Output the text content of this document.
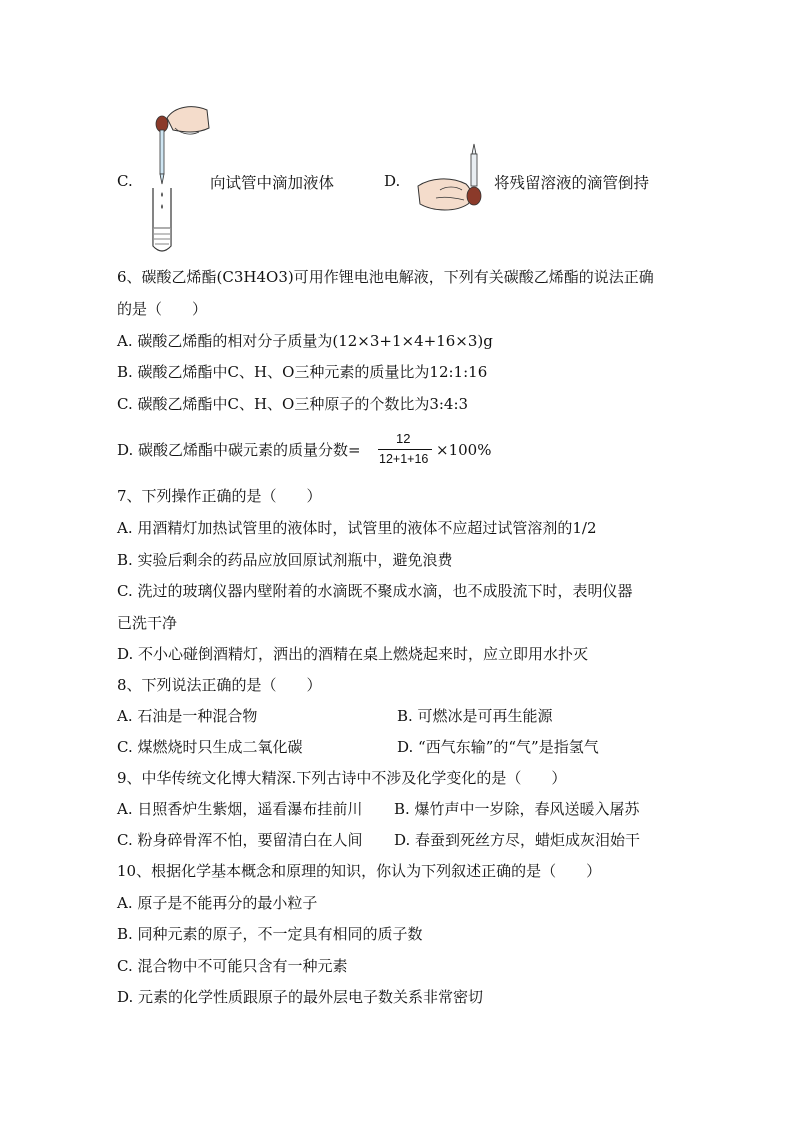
C.	向试管中滴加液体	D.	将残留溶液的滴管倒持
6、碳酸乙烯酯(C3H4O3)可用作锂电池电解液，下列有关碳酸乙烯酯的说法正确
的是（　　）
A. 碳酸乙烯酯的相对分子质量为(12×3+1×4+16×3)g
B. 碳酸乙烯酯中C、H、O三种元素的质量比为12:1:16
C. 碳酸乙烯酯中C、H、O三种原子的个数比为3:4:3
D. 碳酸乙烯酯中碳元素的质量分数=
12
12+1+16 ×100%
7、下列操作正确的是（　　）
A. 用酒精灯加热试管里的液体时，试管里的液体不应超过试管溶剂的1/2
B. 实验后剩余的药品应放回原试剂瓶中，避免浪费
C. 洗过的玻璃仪器内壁附着的水滴既不聚成水滴，也不成股流下时，表明仪器
已洗干净
D. 不小心碰倒酒精灯，洒出的酒精在桌上燃烧起来时，应立即用水扑灭
8、下列说法正确的是（　　）
A. 石油是一种混合物	B. 可燃冰是可再生能源
C. 煤燃烧时只生成二氧化碳	D. “西气东输”的“气”是指氢气
9、中华传统文化博大精深.下列古诗中不涉及化学变化的是（　　）
A. 日照香炉生紫烟，遥看瀑布挂前川 B. 爆竹声中一岁除，春风送暖入屠苏
C. 粉身碎骨浑不怕，要留清白在人间 D. 春蚕到死丝方尽，蜡炬成灰泪始干
10、根据化学基本概念和原理的知识，你认为下列叙述正确的是（　　）
A. 原子是不能再分的最小粒子
B. 同种元素的原子，不一定具有相同的质子数
C. 混合物中不可能只含有一种元素
D. 元素的化学性质跟原子的最外层电子数关系非常密切
